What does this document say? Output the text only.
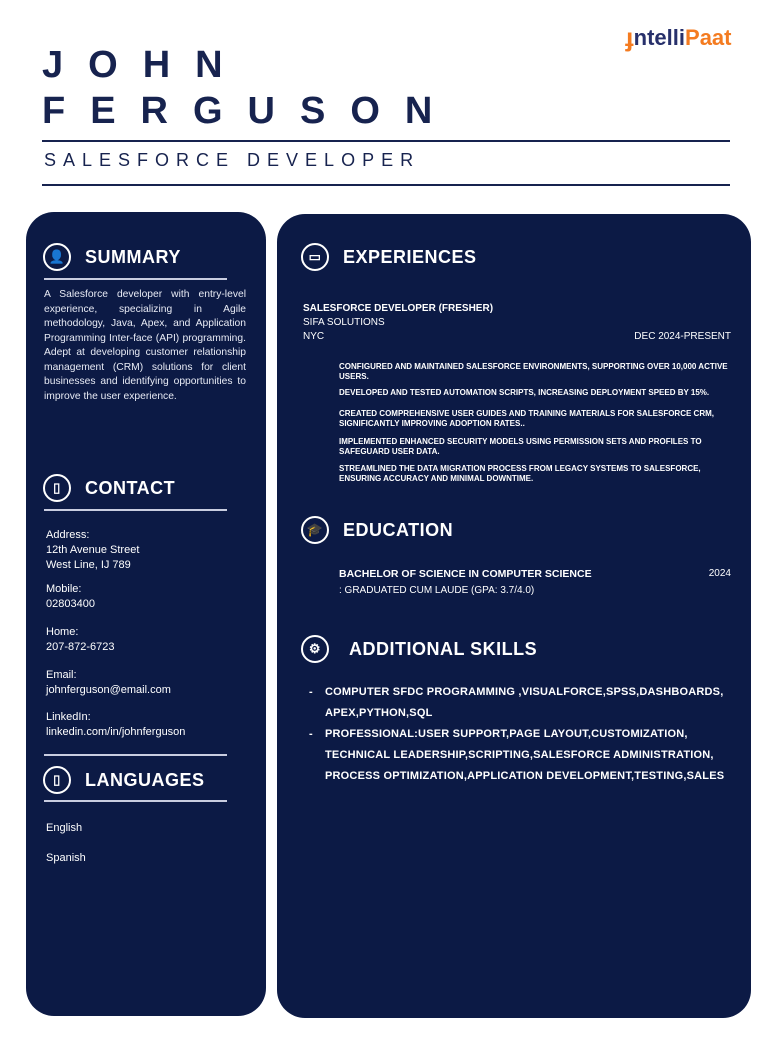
JOHN
FERGUSON
ɟ ntelli Paat
SALESFORCE DEVELOPER
👤	SUMMARY
A Salesforce developer with entry-level experience, specializing in Agile methodology, Java, Apex, and Application Programming Inter-face (API) programming. Adept at developing customer relationship management (CRM) solutions for client businesses and identifying opportunities to improve the user experience.
▯	CONTACT
Address:
12th Avenue Street
West Line, IJ 789
Mobile:
02803400
Home:
207-872-6723
Email:
johnferguson@email.com
LinkedIn:
linkedin.com/in/johnferguson
▯	LANGUAGES
English
Spanish
▭	EXPERIENCES
SALESFORCE DEVELOPER (FRESHER)
SIFA SOLUTIONS
NYC	DEC 2024-PRESENT
CONFIGURED AND MAINTAINED SALESFORCE ENVIRONMENTS, SUPPORTING OVER 10,000 ACTIVE USERS.
DEVELOPED AND TESTED AUTOMATION SCRIPTS, INCREASING DEPLOYMENT SPEED BY 15%.
CREATED COMPREHENSIVE USER GUIDES AND TRAINING MATERIALS FOR SALESFORCE CRM, SIGNIFICANTLY IMPROVING ADOPTION RATES..
IMPLEMENTED ENHANCED SECURITY MODELS USING PERMISSION SETS AND PROFILES TO SAFEGUARD USER DATA.
STREAMLINED THE DATA MIGRATION PROCESS FROM LEGACY SYSTEMS TO SALESFORCE, ENSURING ACCURACY AND MINIMAL DOWNTIME.
🎓	EDUCATION
BACHELOR OF SCIENCE IN COMPUTER SCIENCE	2024
: GRADUATED CUM LAUDE (GPA: 3.7/4.0)
⚙	ADDITIONAL SKILLS
- COMPUTER SFDC PROGRAMMING ,VISUALFORCE,SPSS,DASHBOARDS, APEX,PYTHON,SQL
- PROFESSIONAL:USER SUPPORT,PAGE LAYOUT,CUSTOMIZATION, TECHNICAL LEADERSHIP,SCRIPTING,SALESFORCE ADMINISTRATION, PROCESS OPTIMIZATION,APPLICATION DEVELOPMENT,TESTING,SALES
